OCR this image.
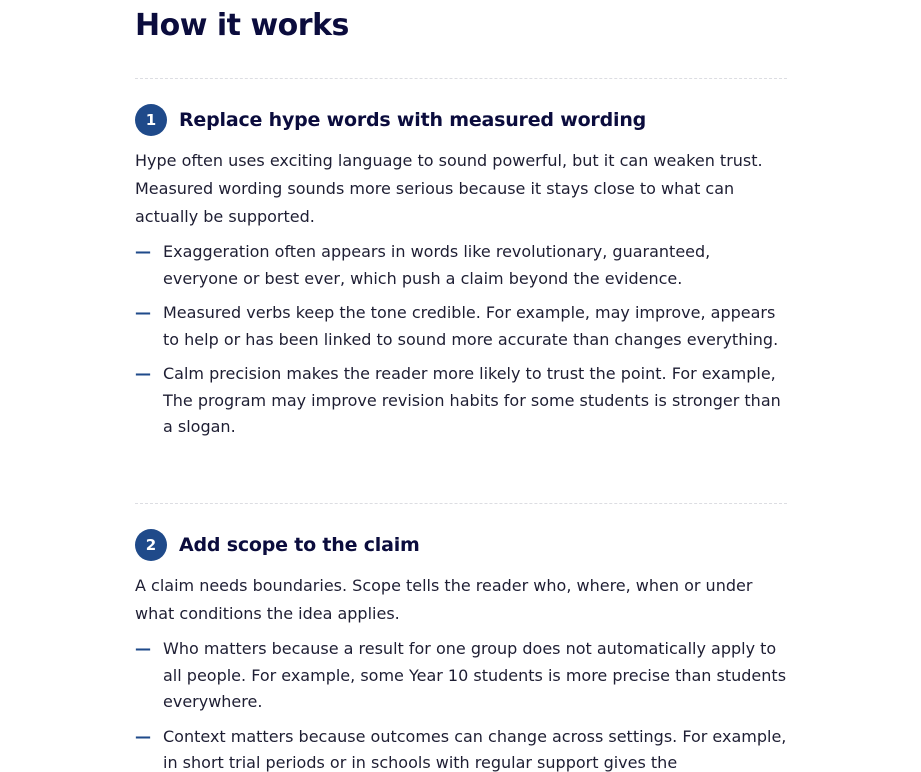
How it works
1	Replace hype words with measured wording

Hype often uses exciting language to sound powerful, but it can weaken trust. Measured wording sounds more serious because it stays close to what can actually be supported.

— Exaggeration often appears in words like revolutionary, guaranteed, everyone or best ever, which push a claim beyond the evidence.
— Measured verbs keep the tone credible. For example, may improve, appears to help or has been linked to sound more accurate than changes everything.
— Calm precision makes the reader more likely to trust the point. For example, The program may improve revision habits for some students is stronger than a slogan.
2	Add scope to the claim

A claim needs boundaries. Scope tells the reader who, where, when or under what conditions the idea applies.

— Who matters because a result for one group does not automatically apply to all people. For example, some Year 10 students is more precise than students everywhere.
— Context matters because outcomes can change across settings. For example, in short trial periods or in schools with regular support gives the
